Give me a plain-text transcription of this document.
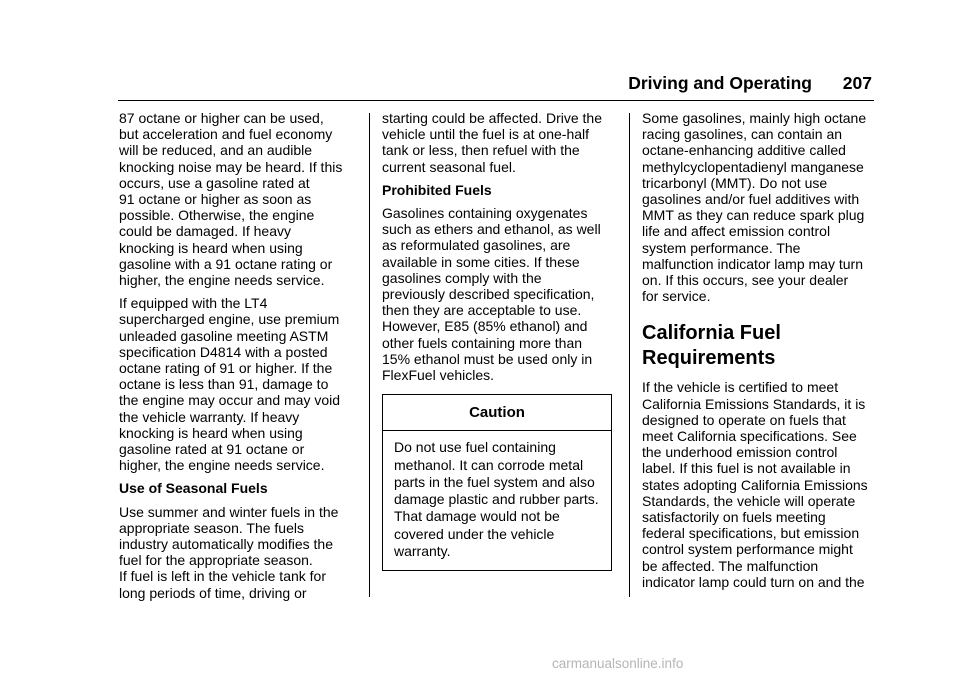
Driving and Operating 207

87 octane or higher can be used,
but acceleration and fuel economy
will be reduced, and an audible
knocking noise may be heard. If this
occurs, use a gasoline rated at
91 octane or higher as soon as
possible. Otherwise, the engine
could be damaged. If heavy
knocking is heard when using
gasoline with a 91 octane rating or
higher, the engine needs service.

If equipped with the LT4
supercharged engine, use premium
unleaded gasoline meeting ASTM
specification D4814 with a posted
octane rating of 91 or higher. If the
octane is less than 91, damage to
the engine may occur and may void
the vehicle warranty. If heavy
knocking is heard when using
gasoline rated at 91 octane or
higher, the engine needs service.

Use of Seasonal Fuels

Use summer and winter fuels in the
appropriate season. The fuels
industry automatically modifies the
fuel for the appropriate season.
If fuel is left in the vehicle tank for
long periods of time, driving or

starting could be affected. Drive the
vehicle until the fuel is at one-half
tank or less, then refuel with the
current seasonal fuel.

Prohibited Fuels

Gasolines containing oxygenates
such as ethers and ethanol, as well
as reformulated gasolines, are
available in some cities. If these
gasolines comply with the
previously described specification,
then they are acceptable to use.
However, E85 (85% ethanol) and
other fuels containing more than
15% ethanol must be used only in
FlexFuel vehicles.

Caution
Do not use fuel containing
methanol. It can corrode metal
parts in the fuel system and also
damage plastic and rubber parts.
That damage would not be
covered under the vehicle
warranty.

Some gasolines, mainly high octane
racing gasolines, can contain an
octane-enhancing additive called
methylcyclopentadienyl manganese
tricarbonyl (MMT). Do not use
gasolines and/or fuel additives with
MMT as they can reduce spark plug
life and affect emission control
system performance. The
malfunction indicator lamp may turn
on. If this occurs, see your dealer
for service.

California Fuel
Requirements

If the vehicle is certified to meet
California Emissions Standards, it is
designed to operate on fuels that
meet California specifications. See
the underhood emission control
label. If this fuel is not available in
states adopting California Emissions
Standards, the vehicle will operate
satisfactorily on fuels meeting
federal specifications, but emission
control system performance might
be affected. The malfunction
indicator lamp could turn on and the

carmanualsonline.info
